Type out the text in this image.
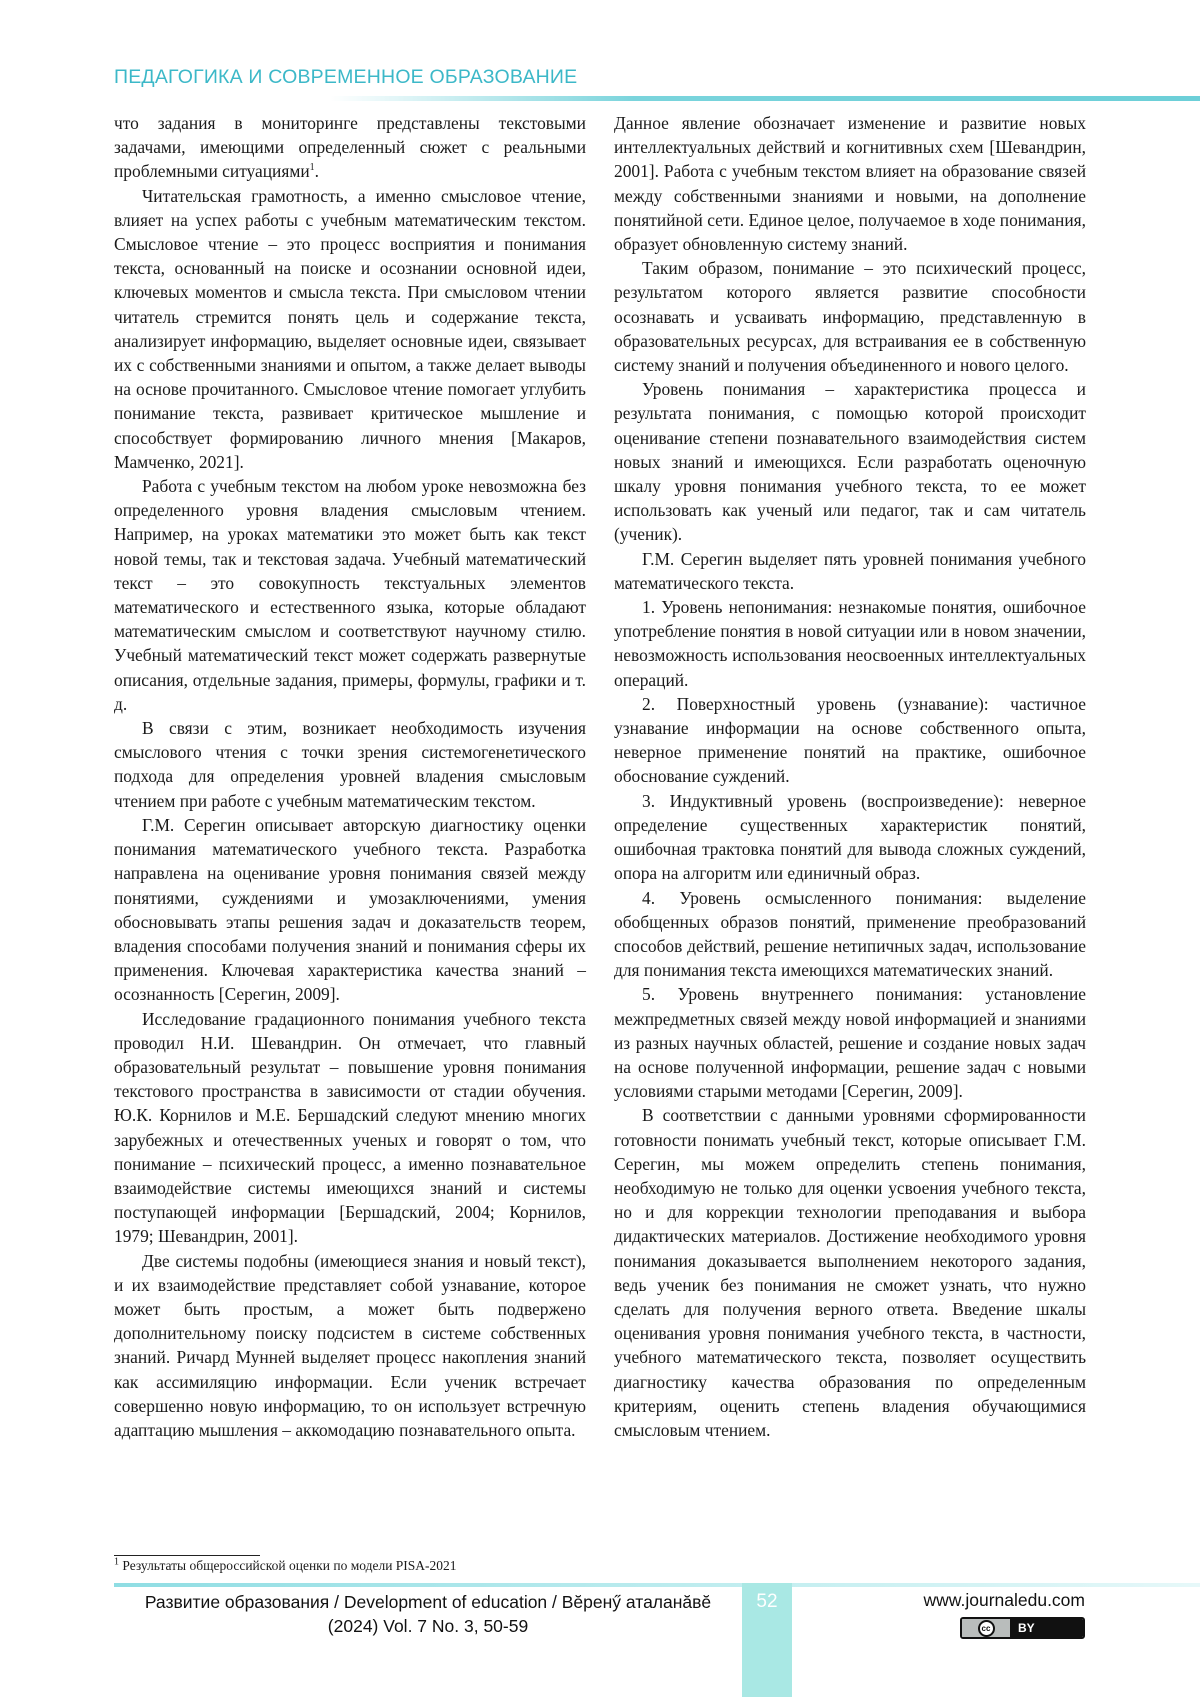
ПЕДАГОГИКА И СОВРЕМЕННОЕ ОБРАЗОВАНИЕ

что задания в мониторинге представлены текстовыми задачами, имеющими определенный сюжет с реальными проблемными ситуациями$^1$.

Читательская грамотность, а именно смысловое чтение, влияет на успех работы с учебным математическим текстом. Смысловое чтение – это процесс восприятия и понимания текста, основанный на поиске и осознании основной идеи, ключевых моментов и смысла текста. При смысловом чтении читатель стремится понять цель и содержание текста, анализирует информацию, выделяет основные идеи, связывает их с собственными знаниями и опытом, а также делает выводы на основе прочитанного. Смысловое чтение помогает углубить понимание текста, развивает критическое мышление и способствует формированию личного мнения [Макаров, Мамченко, 2021].

Работа с учебным текстом на любом уроке невозможна без определенного уровня владения смысловым чтением. Например, на уроках математики это может быть как текст новой темы, так и текстовая задача. Учебный математический текст – это совокупность текстуальных элементов математического и естественного языка, которые обладают математическим смыслом и соответствуют научному стилю. Учебный математический текст может содержать развернутые описания, отдельные задания, примеры, формулы, графики и т. д.

В связи с этим, возникает необходимость изучения смыслового чтения с точки зрения системогенетического подхода для определения уровней владения смысловым чтением при работе с учебным математическим текстом.

Г.М. Серегин описывает авторскую диагностику оценки понимания математического учебного текста. Разработка направлена на оценивание уровня понимания связей между понятиями, суждениями и умозаключениями, умения обосновывать этапы решения задач и доказательств теорем, владения способами получения знаний и понимания сферы их применения. Ключевая характеристика качества знаний – осознанность [Серегин, 2009].

Исследование градационного понимания учебного текста проводил Н.И. Шевандрин. Он отмечает, что главный образовательный результат – повышение уровня понимания текстового пространства в зависимости от стадии обучения. Ю.К. Корнилов и М.Е. Бершадский следуют мнению многих зарубежных и отечественных ученых и говорят о том, что понимание – психический процесс, а именно познавательное взаимодействие системы имеющихся знаний и системы поступающей информации [Бершадский, 2004; Корнилов, 1979; Шевандрин, 2001].

Две системы подобны (имеющиеся знания и новый текст), и их взаимодействие представляет собой узнавание, которое может быть простым, а может быть подвержено дополнительному поиску подсистем в системе собственных знаний. Ричард Мунней выделяет процесс накопления знаний как ассимиляцию информации. Если ученик встречает совершенно новую информацию, то он использует встречную адаптацию мышления – аккомодацию познавательного опыта.

Данное явление обозначает изменение и развитие новых интеллектуальных действий и когнитивных схем [Шевандрин, 2001]. Работа с учебным текстом влияет на образование связей между собственными знаниями и новыми, на дополнение понятийной сети. Единое целое, получаемое в ходе понимания, образует обновленную систему знаний.

Таким образом, понимание – это психический процесс, результатом которого является развитие способности осознавать и усваивать информацию, представленную в образовательных ресурсах, для встраивания ее в собственную систему знаний и получения объединенного и нового целого.

Уровень понимания – характеристика процесса и результата понимания, с помощью которой происходит оценивание степени познавательного взаимодействия систем новых знаний и имеющихся. Если разработать оценочную шкалу уровня понимания учебного текста, то ее может использовать как ученый или педагог, так и сам читатель (ученик).

Г.М. Серегин выделяет пять уровней понимания учебного математического текста.

1. Уровень непонимания: незнакомые понятия, ошибочное употребление понятия в новой ситуации или в новом значении, невозможность использования неосвоенных интеллектуальных операций.

2. Поверхностный уровень (узнавание): частичное узнавание информации на основе собственного опыта, неверное применение понятий на практике, ошибочное обоснование суждений.

3. Индуктивный уровень (воспроизведение): неверное определение существенных характеристик понятий, ошибочная трактовка понятий для вывода сложных суждений, опора на алгоритм или единичный образ.

4. Уровень осмысленного понимания: выделение обобщенных образов понятий, применение преобразований способов действий, решение нетипичных задач, использование для понимания текста имеющихся математических знаний.

5. Уровень внутреннего понимания: установление межпредметных связей между новой информацией и знаниями из разных научных областей, решение и создание новых задач на основе полученной информации, решение задач с новыми условиями старыми методами [Серегин, 2009].

В соответствии с данными уровнями сформированности готовности понимать учебный текст, которые описывает Г.М. Серегин, мы можем определить степень понимания, необходимую не только для оценки усвоения учебного текста, но и для коррекции технологии преподавания и выбора дидактических материалов. Достижение необходимого уровня понимания доказывается выполнением некоторого задания, ведь ученик без понимания не сможет узнать, что нужно сделать для получения верного ответа. Введение шкалы оценивания уровня понимания учебного текста, в частности, учебного математического текста, позволяет осуществить диагностику качества образования по определенным критериям, оценить степень владения обучающимися смысловым чтением.

$^1$ Результаты общероссийской оценки по модели PISA-2021
52
Развитие образования / Development of education / Вĕренӳ аталанăвĕ
(2024) Vol. 7 No. 3, 50-59
www.journaledu.com
cc	BY
